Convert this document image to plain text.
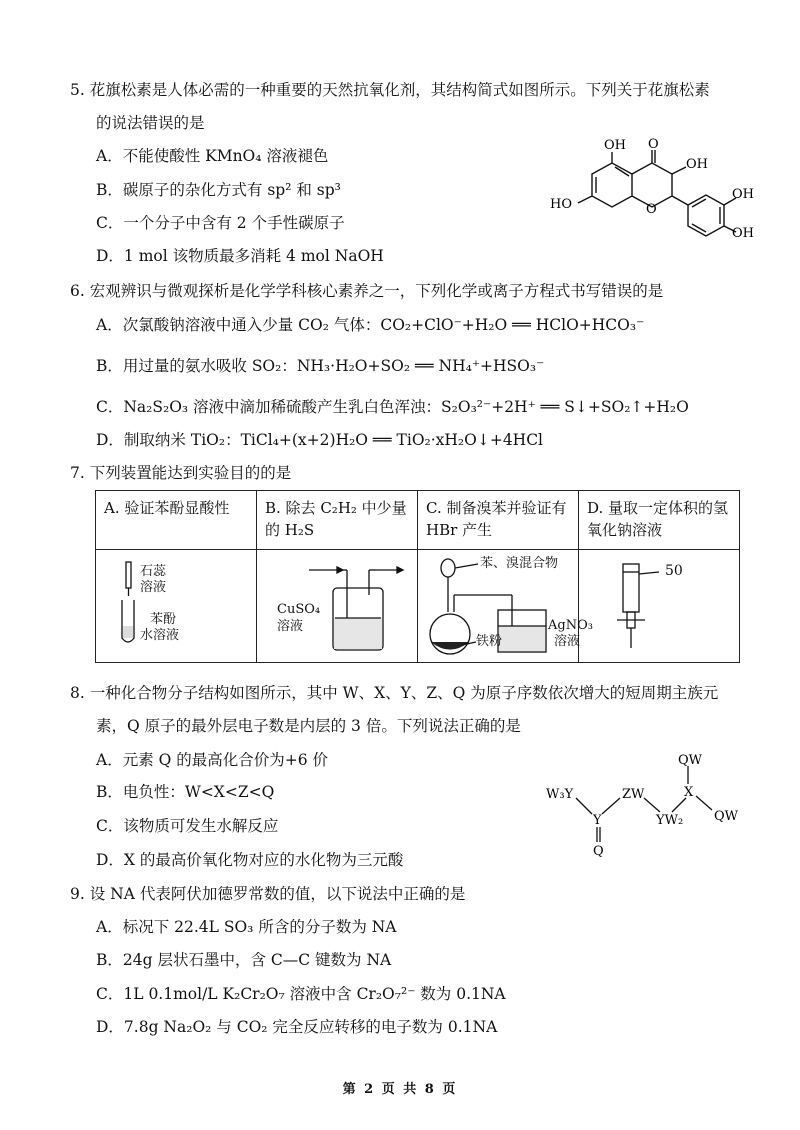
5. 花旗松素是人体必需的一种重要的天然抗氧化剂，其结构简式如图所示。下列关于花旗松素
的说法错误的是
A．不能使酸性 KMnO₄ 溶液褪色
B．碳原子的杂化方式有 sp² 和 sp³
C．一个分子中含有 2 个手性碳原子
D．1 mol 该物质最多消耗 4 mol NaOH
OH O
OH
HO	O
OH
OH
6. 宏观辨识与微观探析是化学学科核心素养之一，下列化学或离子方程式书写错误的是
A．次氯酸钠溶液中通入少量 CO₂ 气体：CO₂+ClO⁻+H₂O ══ HClO+HCO₃⁻
B．用过量的氨水吸收 SO₂：NH₃·H₂O+SO₂ ══ NH₄⁺+HSO₃⁻
C．Na₂S₂O₃ 溶液中滴加稀硫酸产生乳白色浑浊：S₂O₃²⁻+2H⁺ ══ S↓+SO₂↑+H₂O
D．制取纳米 TiO₂：TiCl₄+(x+2)H₂O ══ TiO₂·xH₂O↓+4HCl
7. 下列装置能达到实验目的的是
A. 验证苯酚显酸性	B. 除去 C₂H₂ 中少量的 H₂S	C. 制备溴苯并验证有 HBr 产生	D. 量取一定体积的氢氧化钠溶液

石蕊
溶液
苯酚
水溶液	CuSO₄
溶液	苯、溴混合物
铁粉
AgNO₃
溶液	50
8. 一种化合物分子结构如图所示，其中 W、X、Y、Z、Q 为原子序数依次增大的短周期主族元
素，Q 原子的最外层电子数是内层的 3 倍。下列说法正确的是
A．元素 Q 的最高化合价为+6 价
B．电负性：W<X<Z<Q
C．该物质可发生水解反应
D．X 的最高价氧化物对应的水化物为三元酸
QW
W₃Y	ZW	X
QW
Y	YW₂
Q
9. 设 NA 代表阿伏加德罗常数的值，以下说法中正确的是
A．标况下 22.4L SO₃ 所含的分子数为 NA
B．24g 层状石墨中，含 C—C 键数为 NA
C．1L 0.1mol/L K₂Cr₂O₇ 溶液中含 Cr₂O₇²⁻ 数为 0.1NA
D．7.8g Na₂O₂ 与 CO₂ 完全反应转移的电子数为 0.1NA
第 2 页 共 8 页
